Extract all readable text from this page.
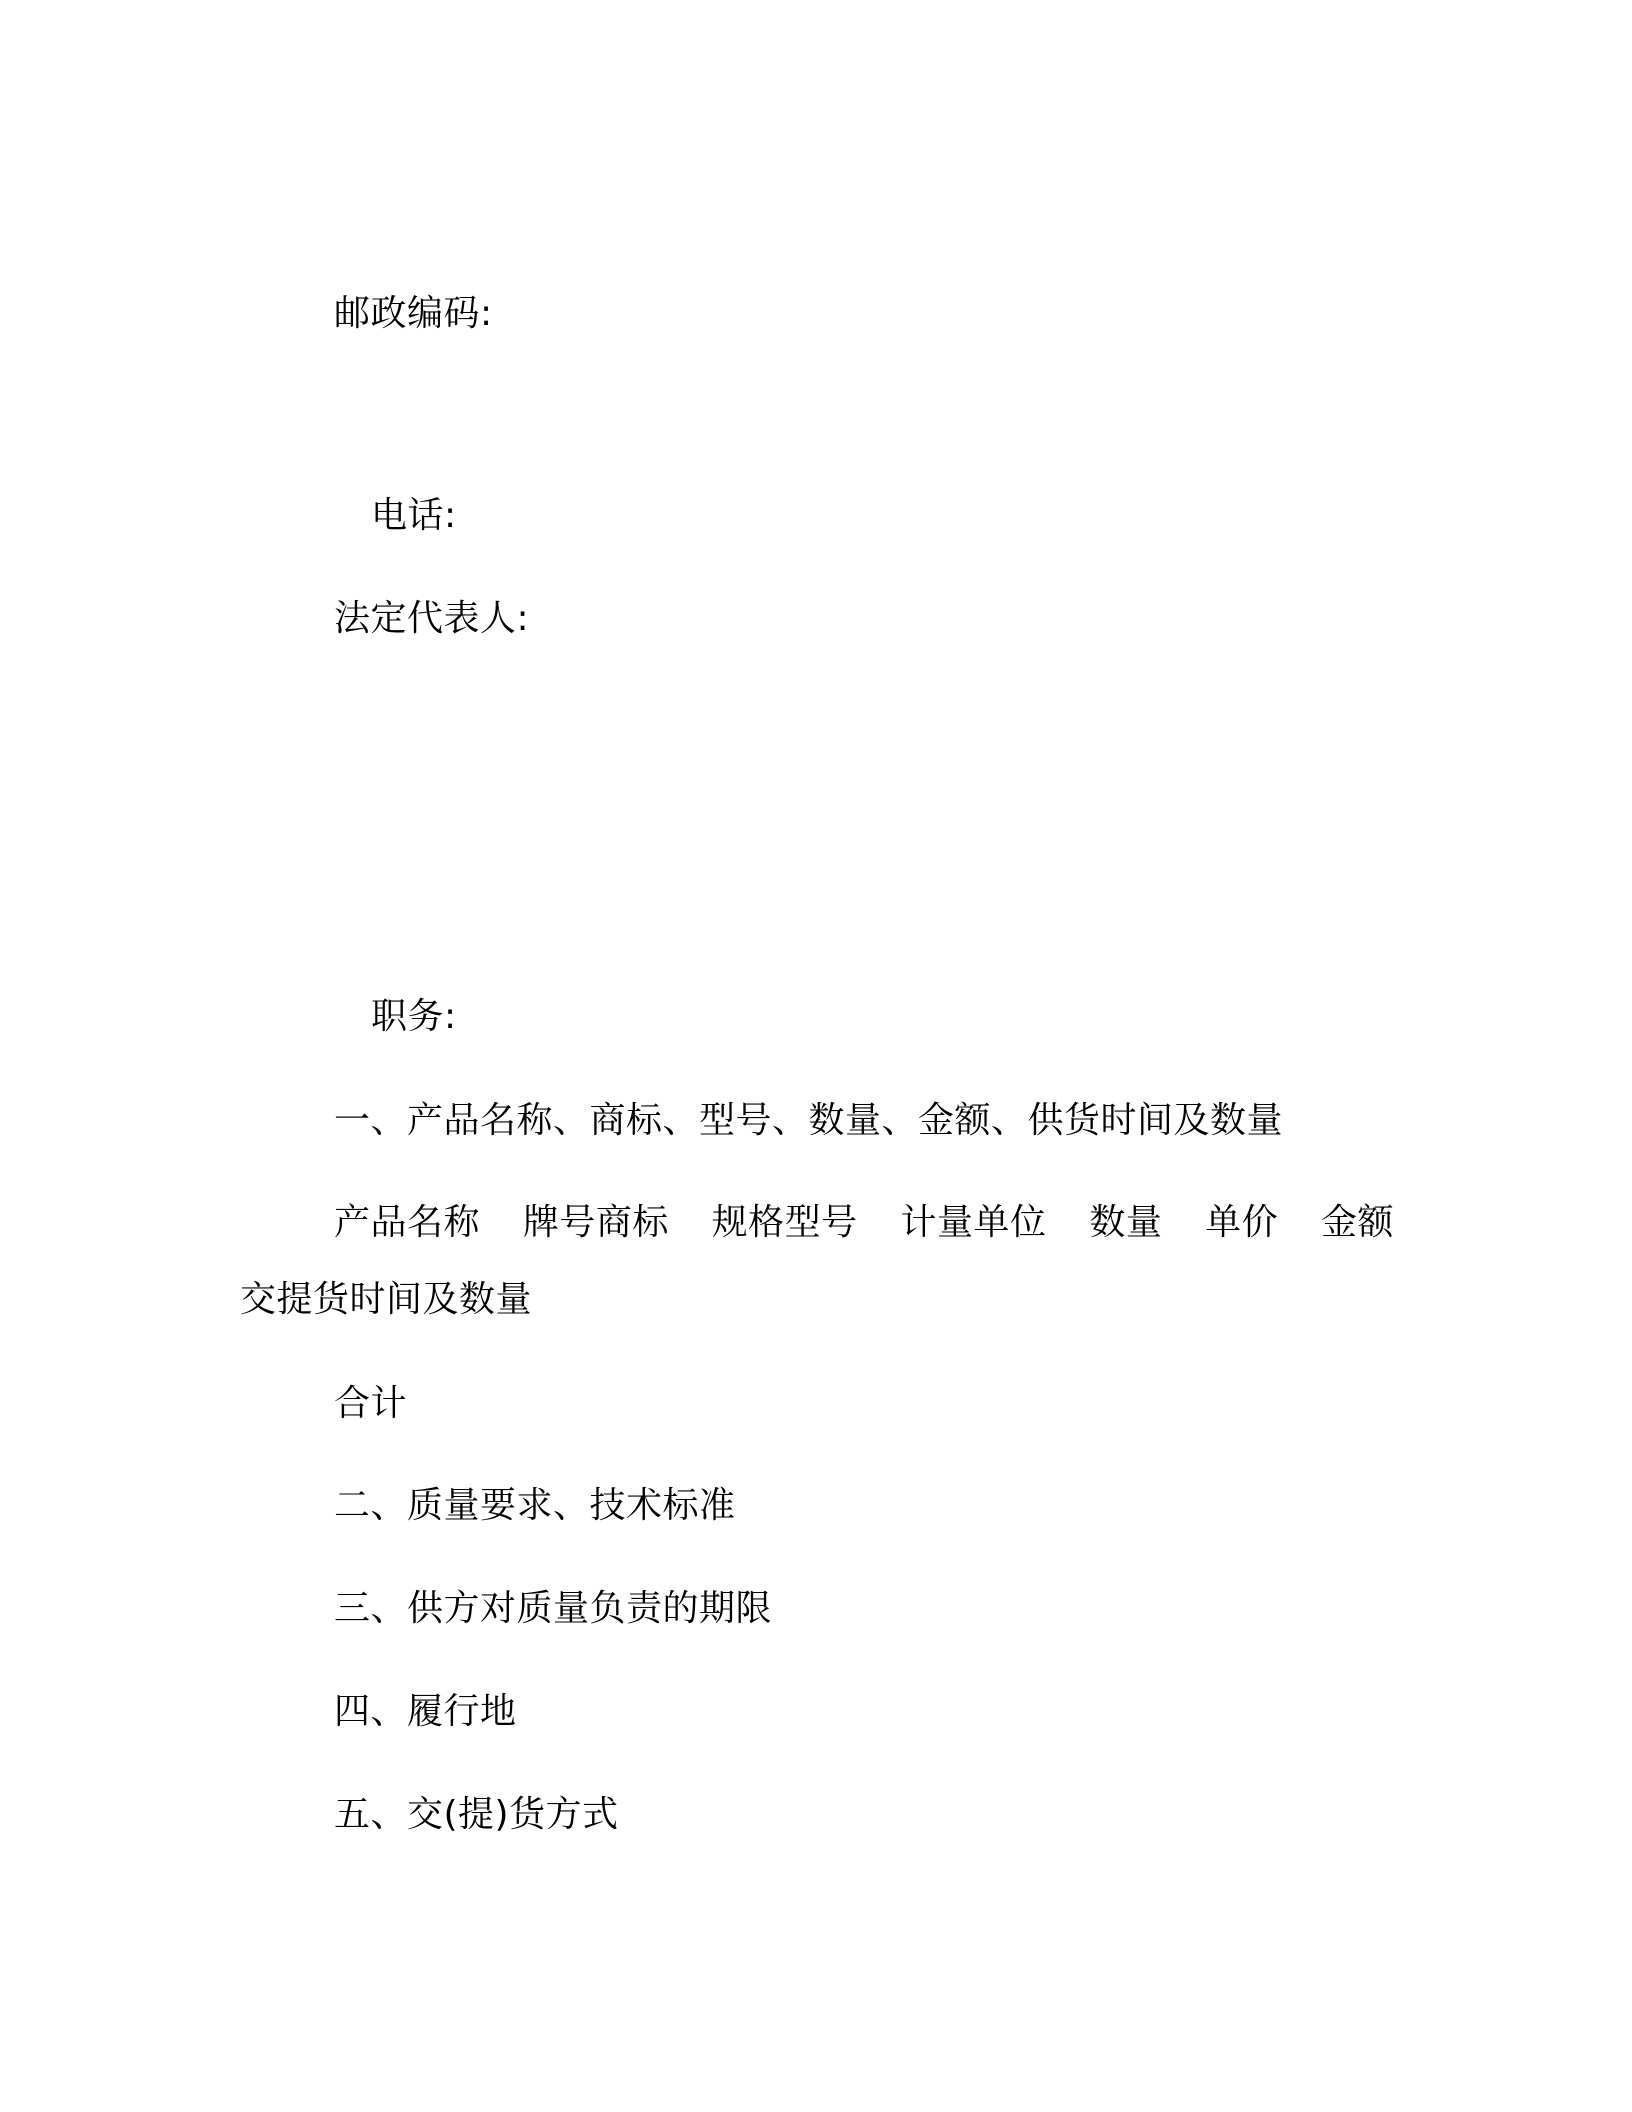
邮政编码:
电话:
法定代表人:
职务:
一、产品名称、商标、型号、数量、金额、供货时间及数量
产品名称 牌号商标 规格型号 计量单位 数量 单价 金额
交提货时间及数量
合计
二、质量要求、技术标准
三、供方对质量负责的期限
四、履行地
五、交(提)货方式
